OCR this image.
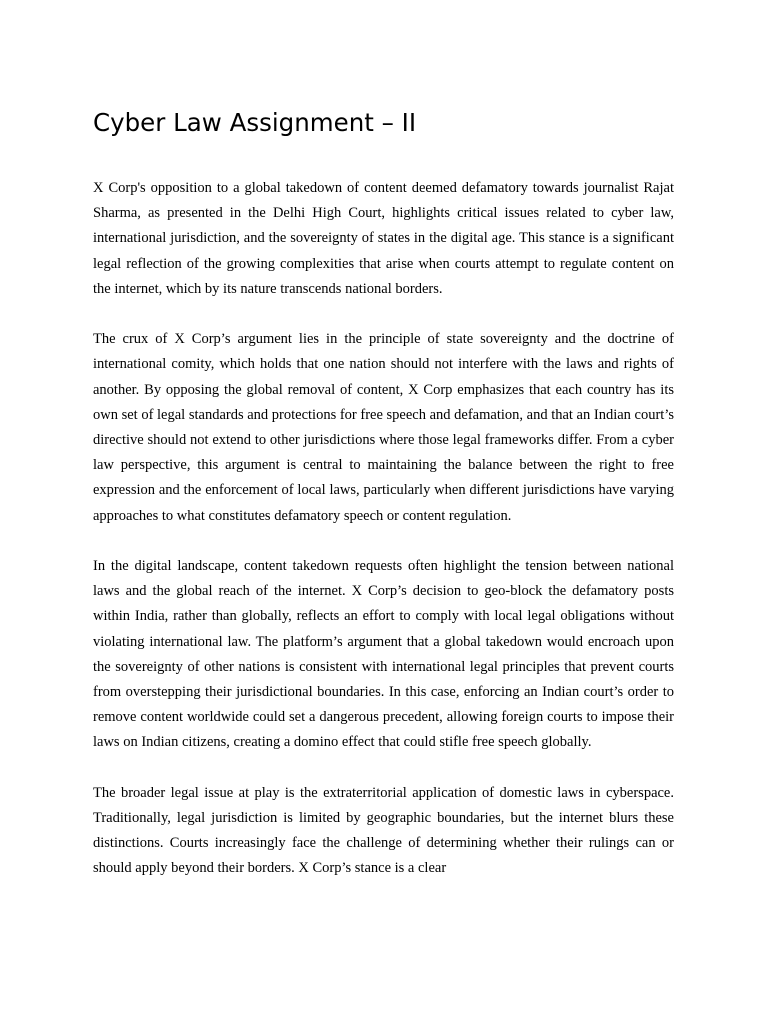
Cyber Law Assignment – II

X Corp's opposition to a global takedown of content deemed defamatory towards journalist Rajat Sharma, as presented in the Delhi High Court, highlights critical issues related to cyber law, international jurisdiction, and the sovereignty of states in the digital age. This stance is a significant legal reflection of the growing complexities that arise when courts attempt to regulate content on the internet, which by its nature transcends national borders.

The crux of X Corp’s argument lies in the principle of state sovereignty and the doctrine of international comity, which holds that one nation should not interfere with the laws and rights of another. By opposing the global removal of content, X Corp emphasizes that each country has its own set of legal standards and protections for free speech and defamation, and that an Indian court’s directive should not extend to other jurisdictions where those legal frameworks differ. From a cyber law perspective, this argument is central to maintaining the balance between the right to free expression and the enforcement of local laws, particularly when different jurisdictions have varying approaches to what constitutes defamatory speech or content regulation.

In the digital landscape, content takedown requests often highlight the tension between national laws and the global reach of the internet. X Corp’s decision to geo-block the defamatory posts within India, rather than globally, reflects an effort to comply with local legal obligations without violating international law. The platform’s argument that a global takedown would encroach upon the sovereignty of other nations is consistent with international legal principles that prevent courts from overstepping their jurisdictional boundaries. In this case, enforcing an Indian court’s order to remove content worldwide could set a dangerous precedent, allowing foreign courts to impose their laws on Indian citizens, creating a domino effect that could stifle free speech globally.

The broader legal issue at play is the extraterritorial application of domestic laws in cyberspace. Traditionally, legal jurisdiction is limited by geographic boundaries, but the internet blurs these distinctions. Courts increasingly face the challenge of determining whether their rulings can or should apply beyond their borders. X Corp’s stance is a clear
